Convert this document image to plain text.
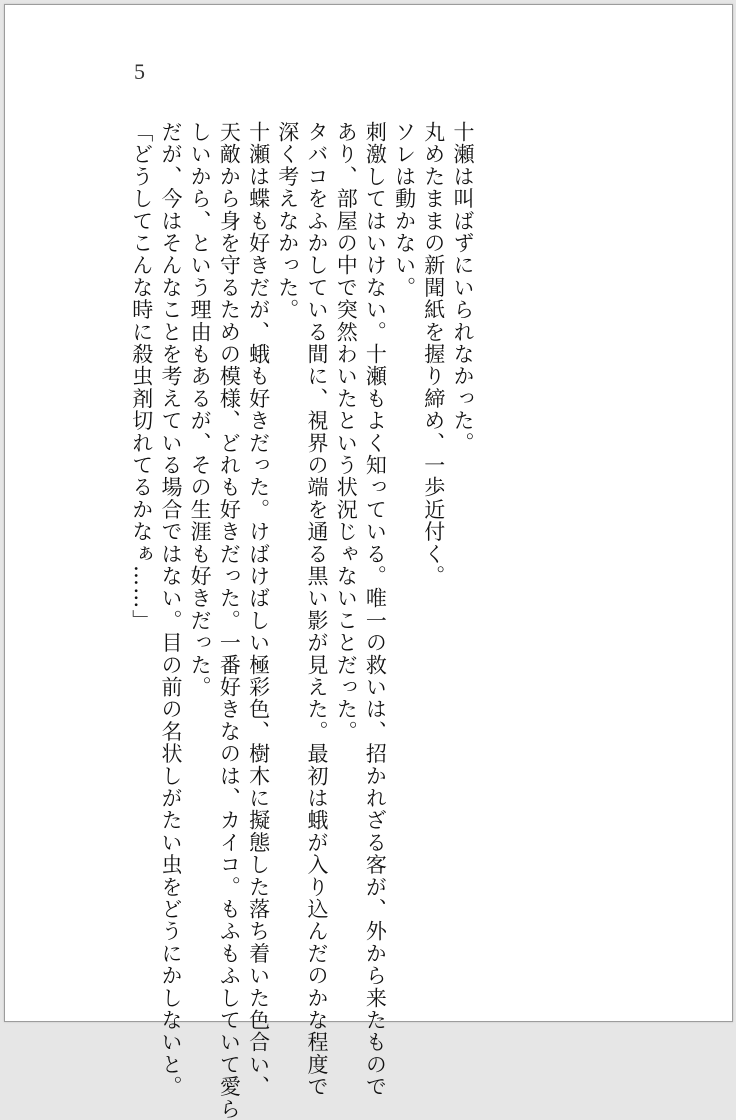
5

十瀬は叫ばずにいられなかった。

丸めたままの新聞紙を握り締め、一歩近付く。

ソレは動かない。

刺激してはいけない。十瀬もよく知っている。唯一の救いは、招かれざる客が、外から来たもので

あり、部屋の中で突然わいたという状況じゃないことだった。

タバコをふかしている間に、視界の端を通る黒い影が見えた。最初は蛾が入り込んだのかな程度で

深く考えなかった。

十瀬は蝶も好きだが、蛾も好きだった。けばけばしい極彩色、樹木に擬態した落ち着いた色合い、

天敵から身を守るための模様、どれも好きだった。一番好きなのは、カイコ。もふもふしていて愛ら

しいから、という理由もあるが、その生涯も好きだった。

だが、今はそんなことを考えている場合ではない。目の前の名状しがたい虫をどうにかしないと。

「どうしてこんな時に殺虫剤切れてるかなぁ……」
